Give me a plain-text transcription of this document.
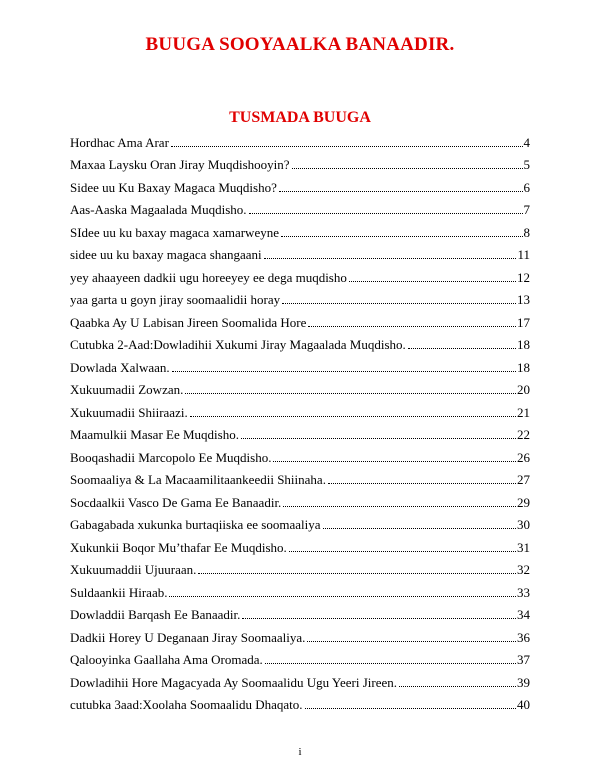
BUUGA SOOYAALKA BANAADIR.
TUSMADA BUUGA
Hordhac Ama Arar	4
Maxaa Laysku Oran Jiray Muqdishooyin?	5
Sidee uu Ku Baxay Magaca Muqdisho?	6
Aas-Aaska Magaalada Muqdisho.	7
SIdee uu ku baxay magaca xamarweyne	8
sidee uu ku baxay magaca shangaani	11
yey ahaayeen dadkii ugu horeeyey ee dega muqdisho	12
yaa garta u goyn jiray soomaalidii horay	13
Qaabka Ay U Labisan Jireen Soomalida Hore	17
Cutubka 2-Aad:Dowladihii Xukumi Jiray Magaalada Muqdisho.	18
Dowlada Xalwaan.	18
Xukuumadii Zowzan.	20
Xukuumadii Shiiraazi.	21
Maamulkii Masar Ee Muqdisho.	22
Booqashadii Marcopolo Ee Muqdisho.	26
Soomaaliya & La Macaamilitaankeedii Shiinaha.	27
Socdaalkii Vasco De Gama Ee Banaadir.	29
Gabagabada xukunka burtaqiiska ee soomaaliya	30
Xukunkii Boqor Mu’thafar Ee Muqdisho.	31
Xukuumaddii Ujuuraan.	32
Suldaankii Hiraab.	33
Dowladdii Barqash Ee Banaadir.	34
Dadkii Horey U Deganaan Jiray Soomaaliya.	36
Qalooyinka Gaallaha Ama Oromada.	37
Dowladihii Hore Magacyada Ay Soomaalidu Ugu Yeeri Jireen.	39
cutubka 3aad:Xoolaha Soomaalidu Dhaqato.	40
i
